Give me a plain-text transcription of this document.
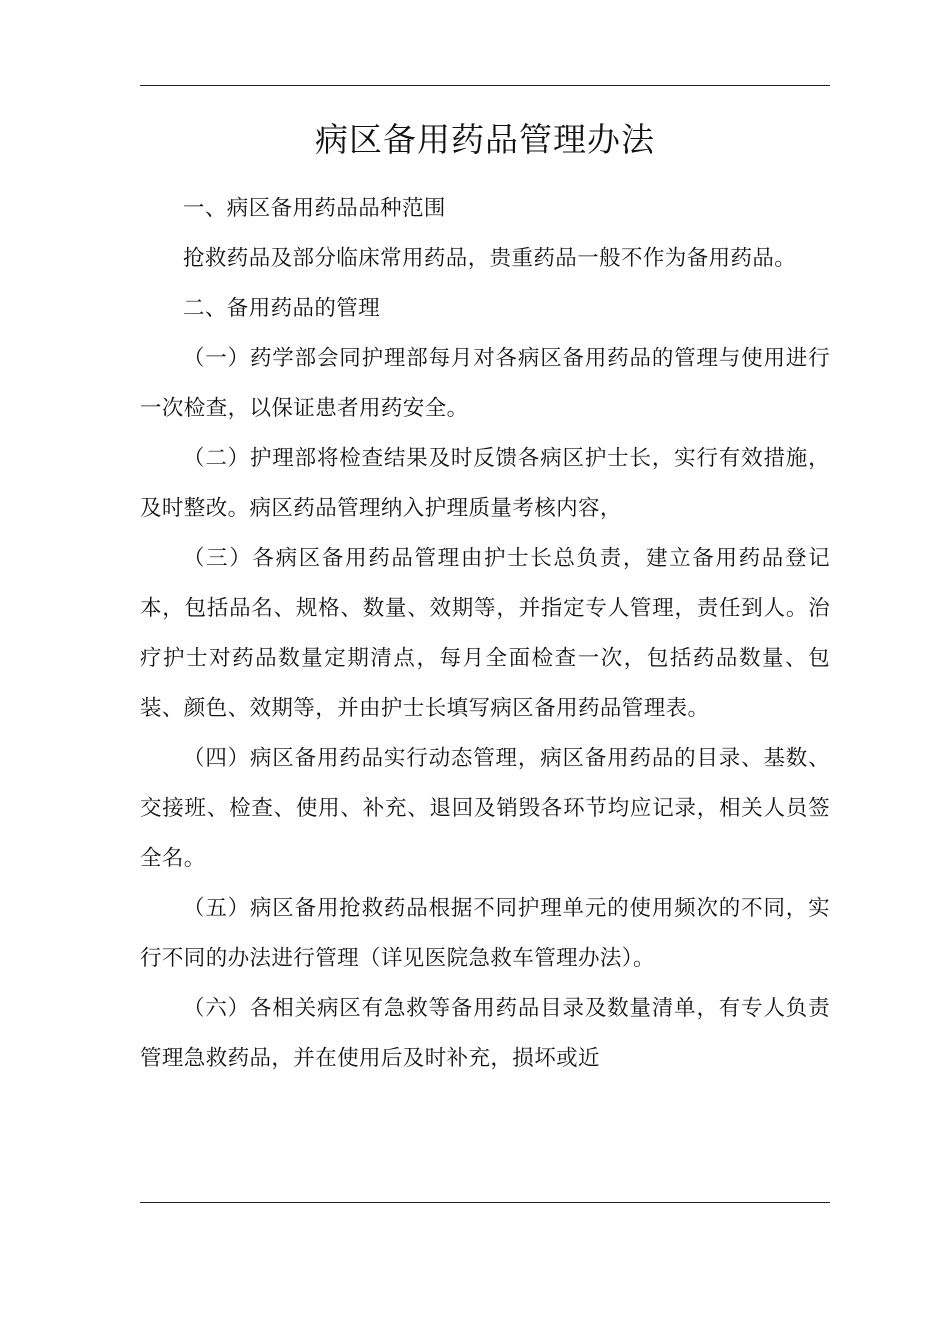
病区备用药品管理办法

一、病区备用药品品种范围

抢救药品及部分临床常用药品，贵重药品一般不作为备用药品。

二、备用药品的管理

（一）药学部会同护理部每月对各病区备用药品的管理与使用进行一次检查，以保证患者用药安全。

（二）护理部将检查结果及时反馈各病区护士长，实行有效措施，及时整改。病区药品管理纳入护理质量考核内容，

（三）各病区备用药品管理由护士长总负责，建立备用药品登记本，包括品名、规格、数量、效期等，并指定专人管理，责任到人。治疗护士对药品数量定期清点，每月全面检查一次，包括药品数量、包装、颜色、效期等，并由护士长填写病区备用药品管理表。

（四）病区备用药品实行动态管理，病区备用药品的目录、基数、交接班、检查、使用、补充、退回及销毁各环节均应记录，相关人员签全名。

（五）病区备用抢救药品根据不同护理单元的使用频次的不同，实行不同的办法进行管理（详见医院急救车管理办法）。

（六）各相关病区有急救等备用药品目录及数量清单，有专人负责管理急救药品，并在使用后及时补充，损坏或近
